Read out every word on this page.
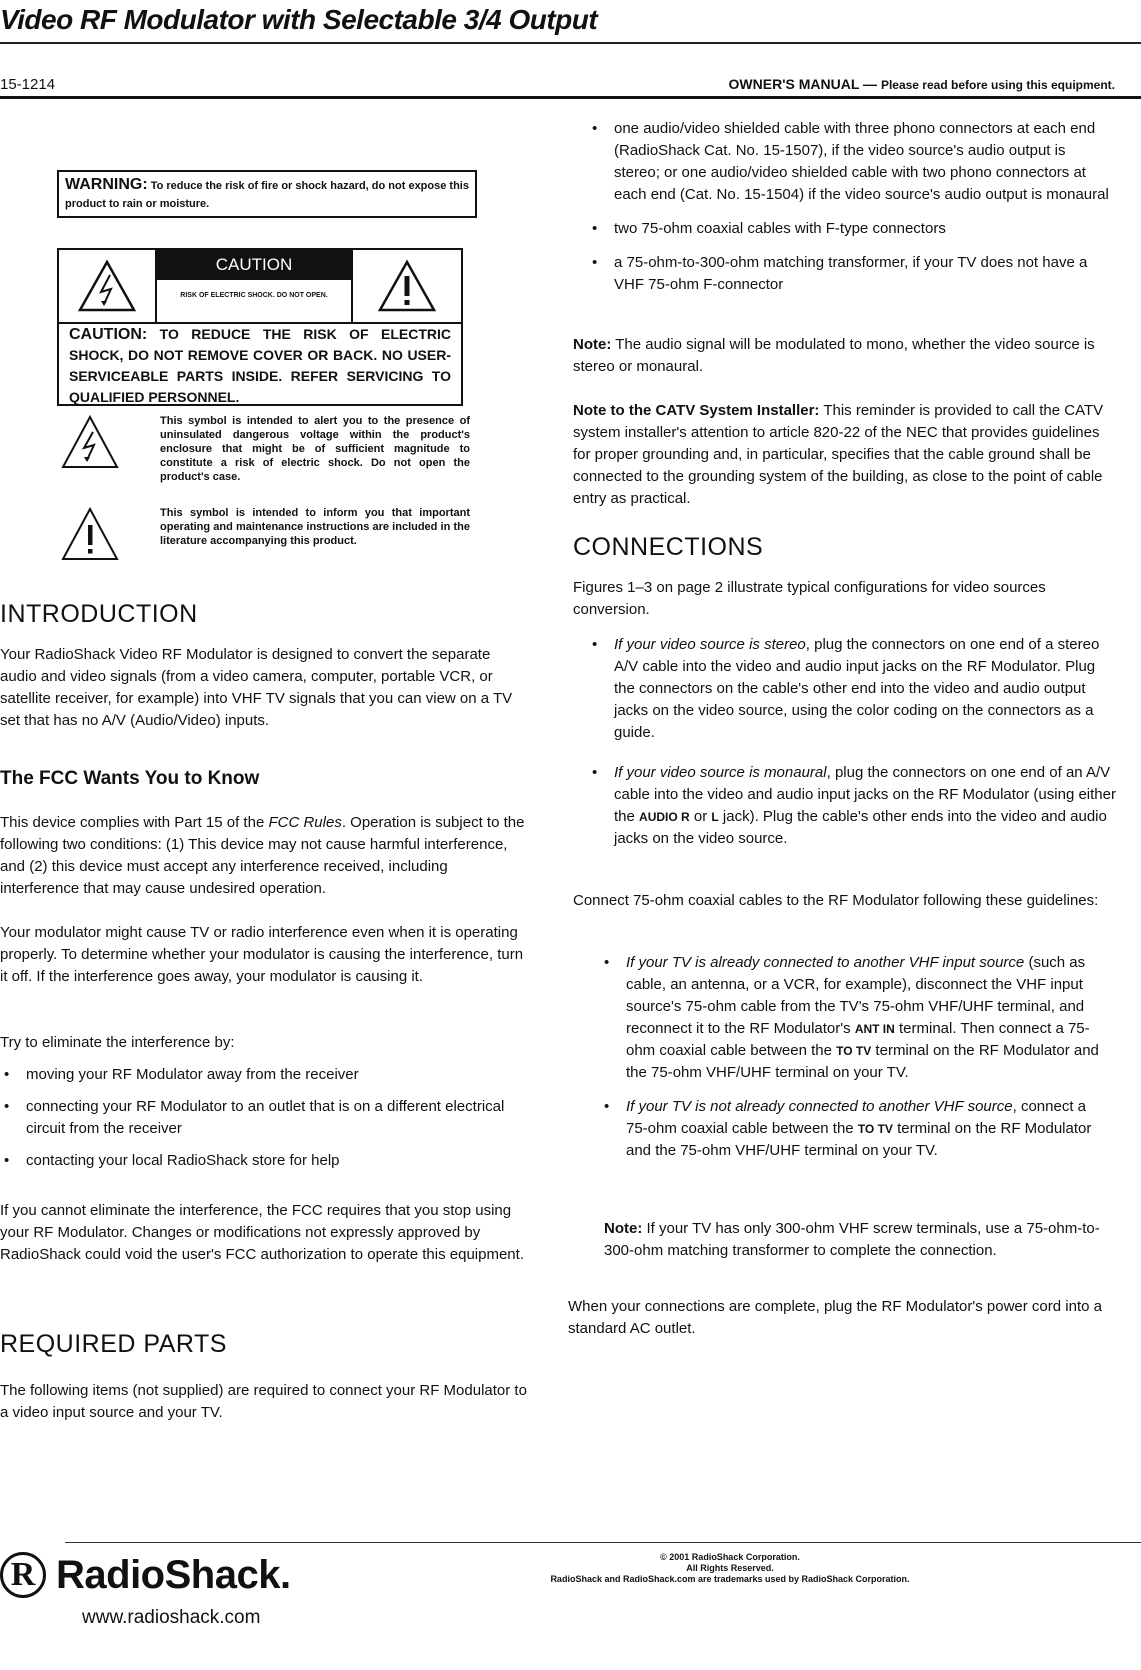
Video RF Modulator with Selectable 3/4 Output
15-1214	OWNER'S MANUAL — Please read before using this equipment.
WARNING: To reduce the risk of fire or shock hazard, do not expose this product to rain or moisture.
CAUTION
RISK OF ELECTRIC SHOCK. DO NOT OPEN.
CAUTION: TO REDUCE THE RISK OF ELECTRIC SHOCK, DO NOT REMOVE COVER OR BACK. NO USER-SERVICEABLE PARTS INSIDE. REFER SERVICING TO QUALIFIED PERSONNEL.
This symbol is intended to alert you to the presence of uninsulated dangerous voltage within the product's enclosure that might be of sufficient magnitude to constitute a risk of electric shock. Do not open the product's case.
This symbol is intended to inform you that important operating and maintenance instructions are included in the literature accompanying this product.
INTRODUCTION

Your RadioShack Video RF Modulator is designed to convert the separate audio and video signals (from a video camera, computer, portable VCR, or satellite receiver, for example) into VHF TV signals that you can view on a TV set that has no A/V (Audio/Video) inputs.

The FCC Wants You to Know

This device complies with Part 15 of the FCC Rules. Operation is subject to the following two conditions: (1) This device may not cause harmful interference, and (2) this device must accept any interference received, including interference that may cause undesired operation.

Your modulator might cause TV or radio interference even when it is operating properly. To determine whether your modulator is causing the interference, turn it off. If the interference goes away, your modulator is causing it.

Try to eliminate the interference by:

• moving your RF Modulator away from the receiver
• connecting your RF Modulator to an outlet that is on a different electrical circuit from the receiver
• contacting your local RadioShack store for help

If you cannot eliminate the interference, the FCC requires that you stop using your RF Modulator. Changes or modifications not expressly approved by RadioShack could void the user's FCC authorization to operate this equipment.

REQUIRED PARTS

The following items (not supplied) are required to connect your RF Modulator to a video input source and your TV.

• one audio/video shielded cable with three phono connectors at each end (RadioShack Cat. No. 15-1507), if the video source's audio output is stereo; or one audio/video shielded cable with two phono connectors at each end (Cat. No. 15-1504) if the video source's audio output is monaural
• two 75-ohm coaxial cables with F-type connectors
• a 75-ohm-to-300-ohm matching transformer, if your TV does not have a VHF 75-ohm F-connector

Note: The audio signal will be modulated to mono, whether the video source is stereo or monaural.

Note to the CATV System Installer: This reminder is provided to call the CATV system installer's attention to article 820-22 of the NEC that provides guidelines for proper grounding and, in particular, specifies that the cable ground shall be connected to the grounding system of the building, as close to the point of cable entry as practical.

CONNECTIONS

Figures 1–3 on page 2 illustrate typical configurations for video sources conversion.

• If your video source is stereo, plug the connectors on one end of a stereo A/V cable into the video and audio input jacks on the RF Modulator. Plug the connectors on the cable's other end into the video and audio output jacks on the video source, using the color coding on the connectors as a guide.
• If your video source is monaural, plug the connectors on one end of an A/V cable into the video and audio input jacks on the RF Modulator (using either the AUDIO R or L jack). Plug the cable's other ends into the video and audio jacks on the video source.

Connect 75-ohm coaxial cables to the RF Modulator following these guidelines:

• If your TV is already connected to another VHF input source (such as cable, an antenna, or a VCR, for example), disconnect the VHF input source's 75-ohm cable from the TV's 75-ohm VHF/UHF terminal, and reconnect it to the RF Modulator's ANT IN terminal. Then connect a 75-ohm coaxial cable between the TO TV terminal on the RF Modulator and the 75-ohm VHF/UHF terminal on your TV.
• If your TV is not already connected to another VHF source, connect a 75-ohm coaxial cable between the TO TV terminal on the RF Modulator and the 75-ohm VHF/UHF terminal on your TV.

Note: If your TV has only 300-ohm VHF screw terminals, use a 75-ohm-to-300-ohm matching transformer to complete the connection.

When your connections are complete, plug the RF Modulator's power cord into a standard AC outlet.

R RadioShack.
www.radioshack.com
© 2001 RadioShack Corporation.
All Rights Reserved.
RadioShack and RadioShack.com are trademarks used by RadioShack Corporation.
